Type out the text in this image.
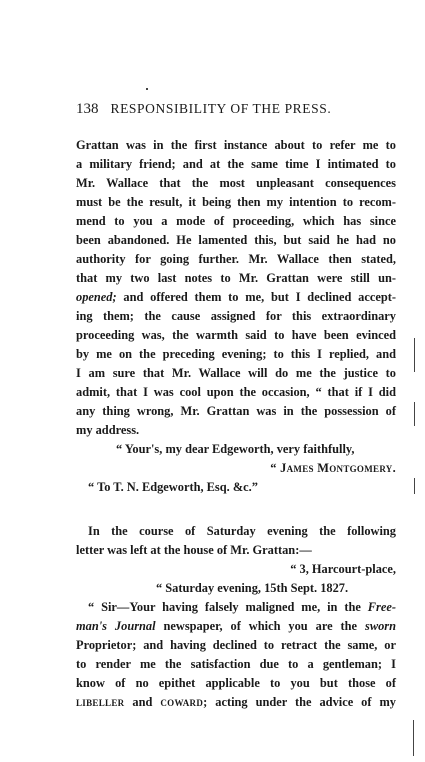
138 RESPONSIBILITY OF THE PRESS.
Grattan was in the first instance about to refer me to
a military friend; and at the same time I intimated to
Mr. Wallace that the most unpleasant consequences
must be the result, it being then my intention to recom-
mend to you a mode of proceeding, which has since
been abandoned. He lamented this, but said he had no
authority for going further. Mr. Wallace then stated,
that my two last notes to Mr. Grattan were still un-
opened; and offered them to me, but I declined accept-
ing them; the cause assigned for this extraordinary
proceeding was, the warmth said to have been evinced
by me on the preceding evening; to this I replied, and
I am sure that Mr. Wallace will do me the justice to
admit, that I was cool upon the occasion, “ that if I did
any thing wrong, Mr. Grattan was in the possession of
my address.
“ Your's, my dear Edgeworth, very faithfully,
“ James Montgomery.
“ To T. N. Edgeworth, Esq. &c.”
In the course of Saturday evening the following
letter was left at the house of Mr. Grattan:—
“ 3, Harcourt-place,
“ Saturday evening, 15th Sept. 1827.
“ Sir—Your having falsely maligned me, in the Free-
man's Journal newspaper, of which you are the sworn
Proprietor; and having declined to retract the same, or
to render me the satisfaction due to a gentleman; I
know of no epithet applicable to you but those of
libeller and coward; acting under the advice of my
